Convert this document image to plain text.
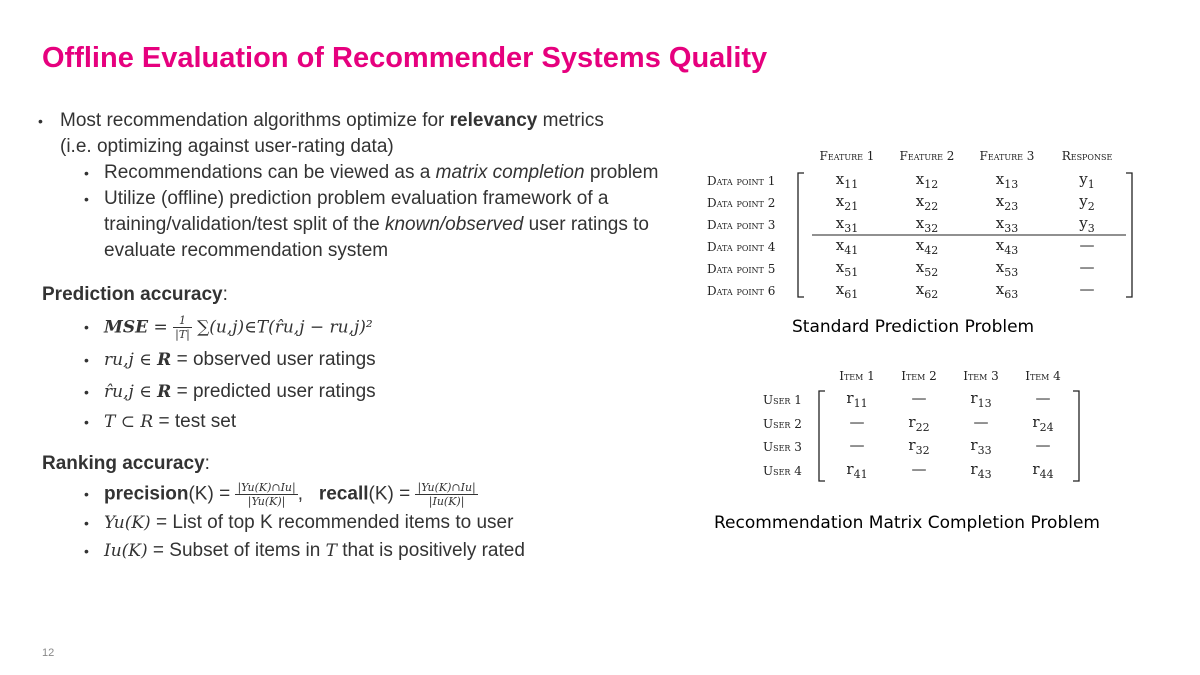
Offline Evaluation of Recommender Systems Quality
• Most recommendation algorithms optimize for relevancy metrics
(i.e. optimizing against user-rating data)
• Recommendations can be viewed as a matrix completion problem
• Utilize (offline) prediction problem evaluation framework of a
training/validation/test split of the known/observed user ratings to
evaluate recommendation system
Prediction accuracy:
• MSE = $\frac{1}{|T|}$ ∑(u,j)∈T(r̂u,j − ru,j)²
• ru,j ∈ R = observed user ratings
• r̂u,j ∈ R = predicted user ratings
• T ⊂ R = test set
Ranking accuracy:
• precision(K) = $\frac{|Yu(K)\cap Iu|}{|Yu(K)|}$ ,   recall(K) = $\frac{|Yu(K)\cap Iu|}{|Iu(K)|}$
• Yu(K) = List of top K recommended items to user
• Iu(K) = Subset of items in T that is positively rated
Feature 1	Feature 2	Feature 3	Response
Data point 1	$x_{11}$	$x_{12}$	$x_{13}$	$y_1$
Data point 2	$x_{21}$	$x_{22}$	$x_{23}$	$y_2$
Data point 3	$x_{31}$	$x_{32}$	$x_{33}$	$y_3$
Data point 4	$x_{41}$	$x_{42}$	$x_{43}$	—
Data point 5	$x_{51}$	$x_{52}$	$x_{53}$	—
Data point 6	$x_{61}$	$x_{62}$	$x_{63}$	—
Standard Prediction Problem
Item 1	Item 2	Item 3	Item 4
User 1	$r_{11}$	—	$r_{13}$	—
User 2	—	$r_{22}$	—	$r_{24}$
User 3	—	$r_{32}$	$r_{33}$	—
User 4	$r_{41}$	—	$r_{43}$	$r_{44}$
Recommendation Matrix Completion Problem
12
